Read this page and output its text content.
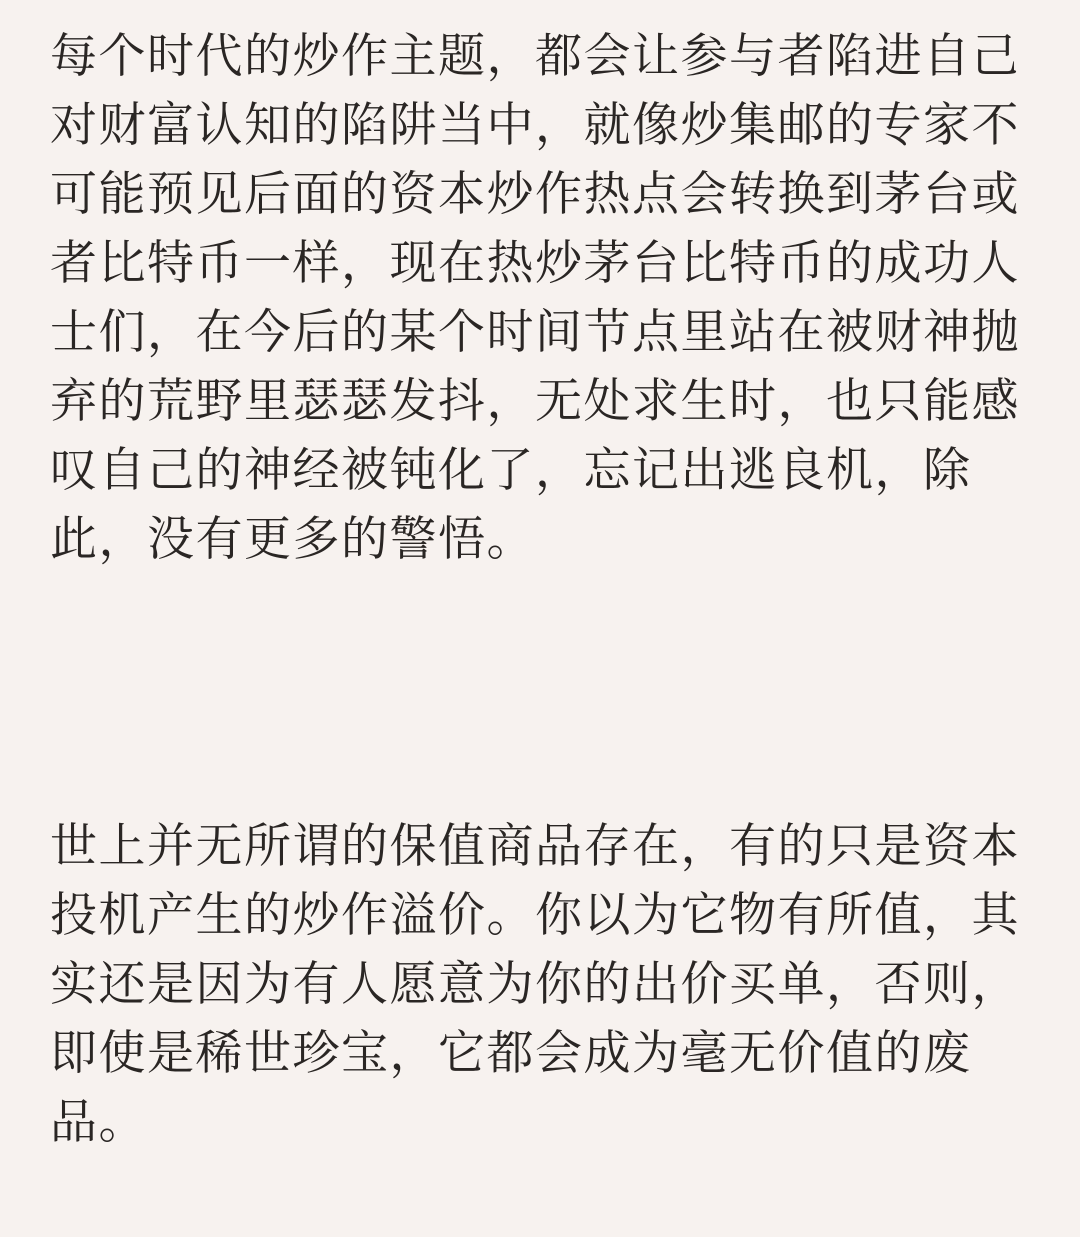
每个时代的炒作主题，都会让参与者陷进自己对财富认知的陷阱当中，就像炒集邮的专家不可能预见后面的资本炒作热点会转换到茅台或者比特币一样，现在热炒茅台比特币的成功人士们，在今后的某个时间节点里站在被财神抛弃的荒野里瑟瑟发抖，无处求生时，也只能感叹自己的神经被钝化了，忘记出逃良机，除此，没有更多的警悟。

世上并无所谓的保值商品存在，有的只是资本投机产生的炒作溢价。你以为它物有所值，其实还是因为有人愿意为你的出价买单，否则，即使是稀世珍宝，它都会成为毫无价值的废品。
